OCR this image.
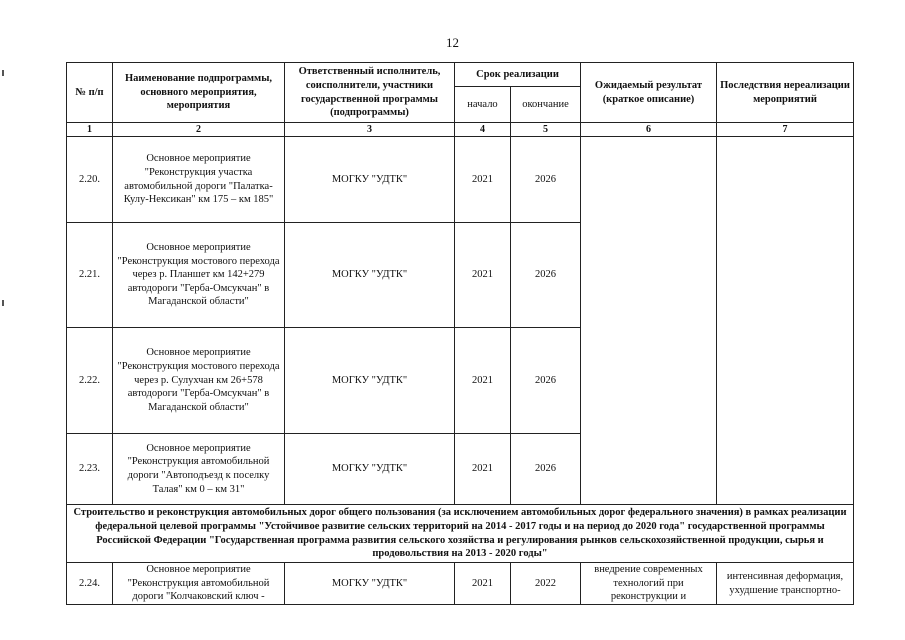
12
№ п/п	Наименование подпрограммы, основного мероприятия, мероприятия	Ответственный исполнитель, соисполнители, участники государственной программы (подпрограммы)	Срок реализации		Ожидаемый результат (краткое описание)	Последствия нереализации мероприятий
			начало	окончание		
1	2	3	4	5	6	7
2.20.	Основное мероприятие "Реконструкция участка автомобильной дороги "Палатка-Кулу-Нексикан" км 175 – км 185"	МОГКУ "УДТК"	2021	2026		
2.21.	Основное мероприятие "Реконструкция мостового перехода через р. Планшет км 142+279 автодороги "Герба-Омсукчан" в Магаданской области"	МОГКУ "УДТК"	2021	2026		
2.22.	Основное мероприятие "Реконструкция мостового перехода через р. Сулухчан км 26+578 автодороги "Герба-Омсукчан" в Магаданской области"	МОГКУ "УДТК"	2021	2026		
2.23.	Основное мероприятие "Реконструкция автомобильной дороги "Автоподъезд к поселку Талая" км 0 – км 31"	МОГКУ "УДТК"	2021	2026		
Строительство и реконструкция автомобильных дорог общего пользования (за исключением автомобильных дорог федерального значения) в рамках реализации федеральной целевой программы "Устойчивое развитие сельских территорий на 2014 - 2017 годы и на период до 2020 года" государственной программы Российской Федерации "Государственная программа развития сельского хозяйства и регулирования рынков сельскохозяйственной продукции, сырья и продовольствия на 2013 - 2020 годы"						
2.24.	Основное мероприятие "Реконструкция автомобильной дороги "Колчаковский ключ -	МОГКУ "УДТК"	2021	2022	внедрение современных технологий при реконструкции и	интенсивная деформация, ухудшение транспортно-
